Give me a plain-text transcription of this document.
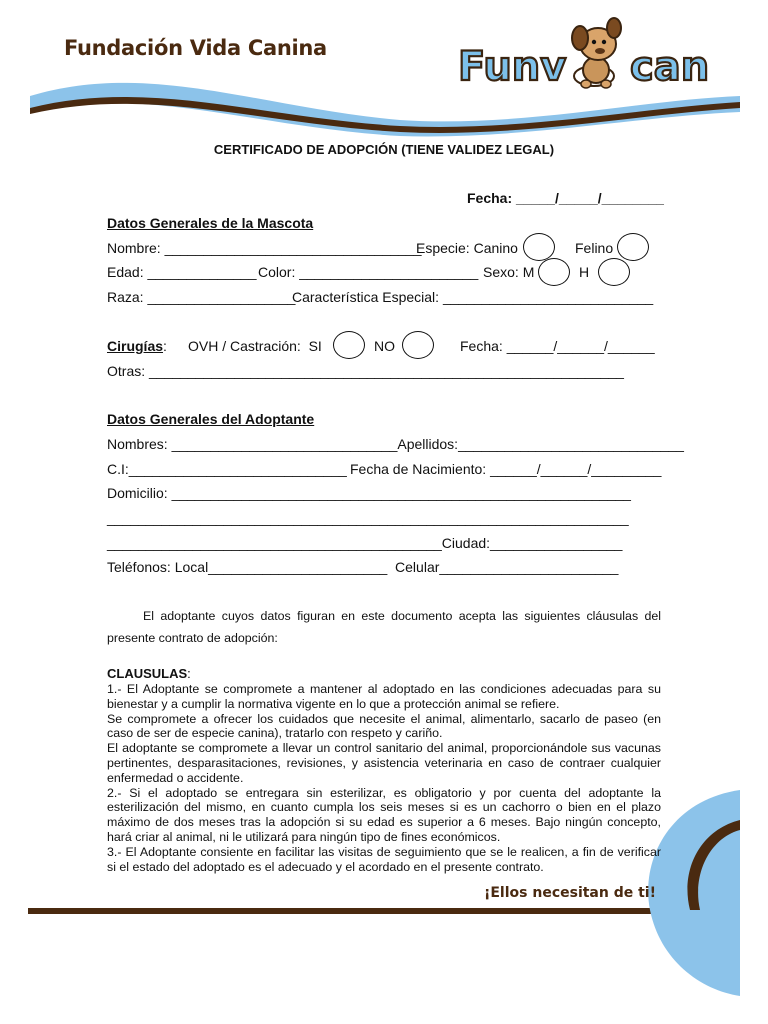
Fundación Vida Canina	Funv can
CERTIFICADO DE ADOPCIÓN (TIENE VALIDEZ LEGAL)
Fecha: _____/_____/________
Datos Generales de la Mascota
Nombre: _________________________________
Especie: Canino	Felino
Edad: ______________ Color: _______________________ Sexo: M	H
Raza: ___________________
Característica Especial: ___________________________
Cirugías: OVH / Castración:  SI	NO	Fecha: ______/______/______
Otras: _____________________________________________________________
Datos Generales del Adoptante
Nombres: _____________________________Apellidos:_____________________________
C.I:____________________________ Fecha de Nacimiento: ______/______/_________
Domicilio: ___________________________________________________________
___________________________________________________________________
___________________________________________Ciudad:_________________
Teléfonos: Local_______________________  Celular_______________________
El adoptante cuyos datos figuran en este documento acepta las siguientes cláusulas del presente contrato de adopción:
CLAUSULAS:
1.- El Adoptante se compromete a mantener al adoptado en las condiciones adecuadas para su bienestar y a cumplir la normativa vigente en lo que a protección animal se refiere.
Se compromete a ofrecer los cuidados que necesite el animal, alimentarlo, sacarlo de paseo (en caso de ser de especie canina), tratarlo con respeto y cariño.
El adoptante se compromete a llevar un control sanitario del animal, proporcionándole sus vacunas pertinentes, desparasitaciones, revisiones, y asistencia veterinaria en caso de contraer cualquier enfermedad o accidente.
2.- Si el adoptado se entregara sin esterilizar, es obligatorio y por cuenta del adoptante la esterilización del mismo, en cuanto cumpla los seis meses si es un cachorro o bien en el plazo máximo de dos meses tras la adopción si su edad es superior a 6 meses. Bajo ningún concepto, hará criar al animal, ni le utilizará para ningún tipo de fines económicos.
3.- El Adoptante consiente en facilitar las visitas de seguimiento que se le realicen, a fin de verificar si el estado del adoptado es el adecuado y el acordado en el presente contrato.
¡Ellos necesitan de ti!
